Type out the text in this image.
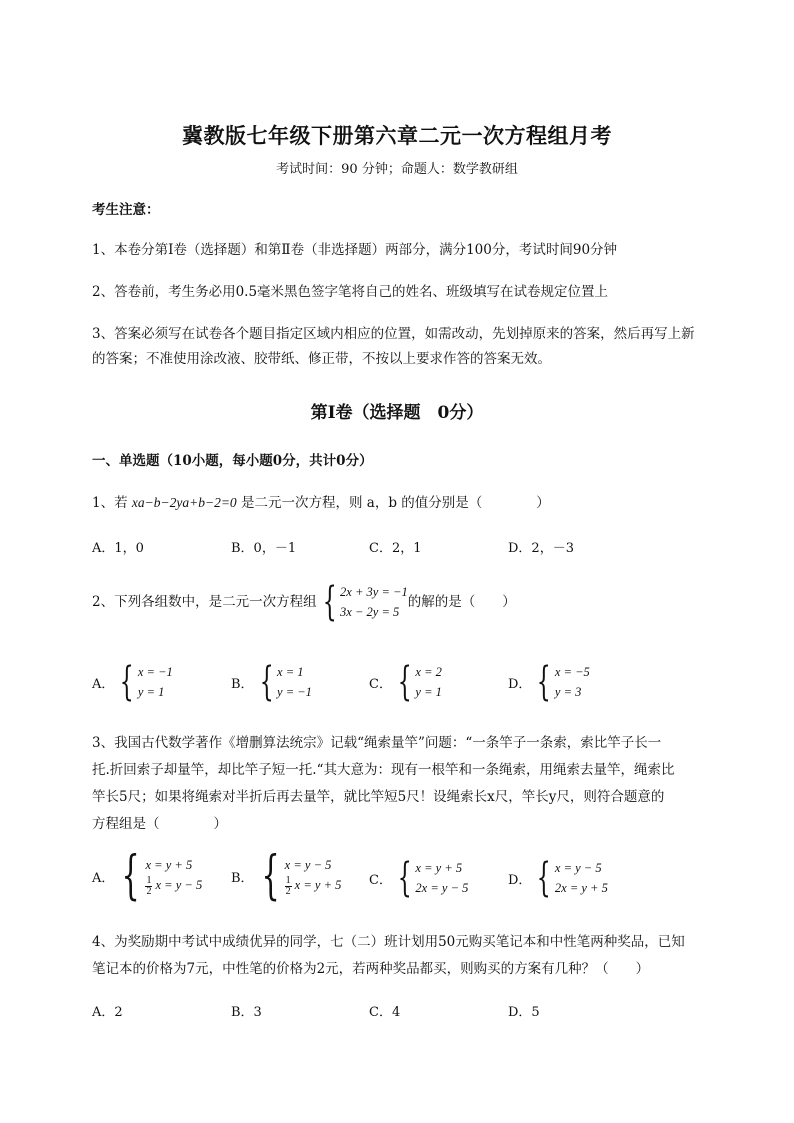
冀教版七年级下册第六章二元一次方程组月考
考试时间：90 分钟；命题人：数学教研组
考生注意：
1、本卷分第Ⅰ卷（选择题）和第Ⅱ卷（非选择题）两部分，满分100分，考试时间90分钟
2、答卷前，考生务必用0.5毫米黑色签字笔将自己的姓名、班级填写在试卷规定位置上
3、答案必须写在试卷各个题目指定区域内相应的位置，如需改动，先划掉原来的答案，然后再写上新
的答案；不准使用涂改液、胶带纸、修正带，不按以上要求作答的答案无效。
第Ⅰ卷（选择题　0分）
一、单选题（10小题，每小题0分，共计0分）
1、若 xa−b−2ya+b−2=0 是二元一次方程，则 a，b 的值分别是（　　　　）
A．1，0	B．0，－1	C．2，1	D．2，－3
2、下列各组数中，是二元一次方程组 { 2x + 3y = −1
3x − 2y = 5
的解的是（　　）
A． { x = −1
y = 1
B． { x = 1
y = −1
C． { x = 2
y = 1
D． { x = −5
y = 3
3、我国古代数学著作《增删算法统宗》记载“绳索量竿”问题：“一条竿子一条索，索比竿子长一
托.折回索子却量竿，却比竿子短一托.“其大意为：现有一根竿和一条绳索，用绳索去量竿，绳索比
竿长5尺；如果将绳索对半折后再去量竿，就比竿短5尺！设绳索长x尺，竿长y尺，则符合题意的
方程组是（　　　　）
A． { x = y + 5
$\frac{1}{2}$ x = y − 5 B． { x = y − 5
$\frac{1}{2}$ x = y + 5 C． { x = y + 5
2x = y − 5
D． { x = y − 5
2x = y + 5
4、为奖励期中考试中成绩优异的同学，七（二）班计划用50元购买笔记本和中性笔两种奖品，已知
笔记本的价格为7元，中性笔的价格为2元，若两种奖品都买，则购买的方案有几种？（　　）
A．2	B．3	C．4	D．5
